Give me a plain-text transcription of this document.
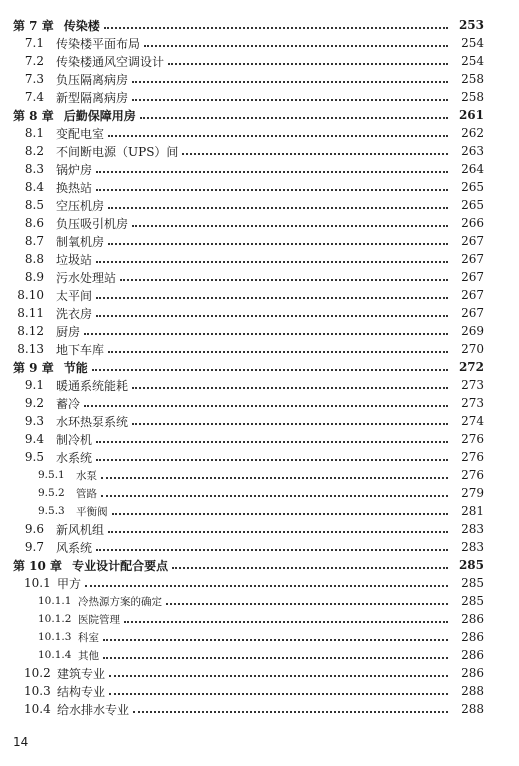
第 7 章 传染楼	253
7.1 传染楼平面布局	254
7.2 传染楼通风空调设计	254
7.3 负压隔离病房	258
7.4 新型隔离病房	258
第 8 章 后勤保障用房	261
8.1 变配电室	262
8.2 不间断电源（UPS）间	263
8.3 锅炉房	264
8.4 换热站	265
8.5 空压机房	265
8.6 负压吸引机房	266
8.7 制氧机房	267
8.8 垃圾站	267
8.9 污水处理站	267
8.10 太平间	267
8.11 洗衣房	267
8.12 厨房	269
8.13 地下车库	270
第 9 章 节能	272
9.1 暖通系统能耗	273
9.2 蓄冷	273
9.3 水环热泵系统	274
9.4 制冷机	276
9.5 水系统	276
9.5.1	水泵	276
9.5.2	管路	279
9.5.3	平衡阀	281
9.6 新风机组	283
9.7 风系统	283
第 10 章 专业设计配合要点	285
10.1 甲方	285
10.1.1 冷热源方案的确定	285
10.1.2 医院管理	286
10.1.3 科室	286
10.1.4 其他	286
10.2 建筑专业	286
10.3 结构专业	288
10.4 给水排水专业	288
14
